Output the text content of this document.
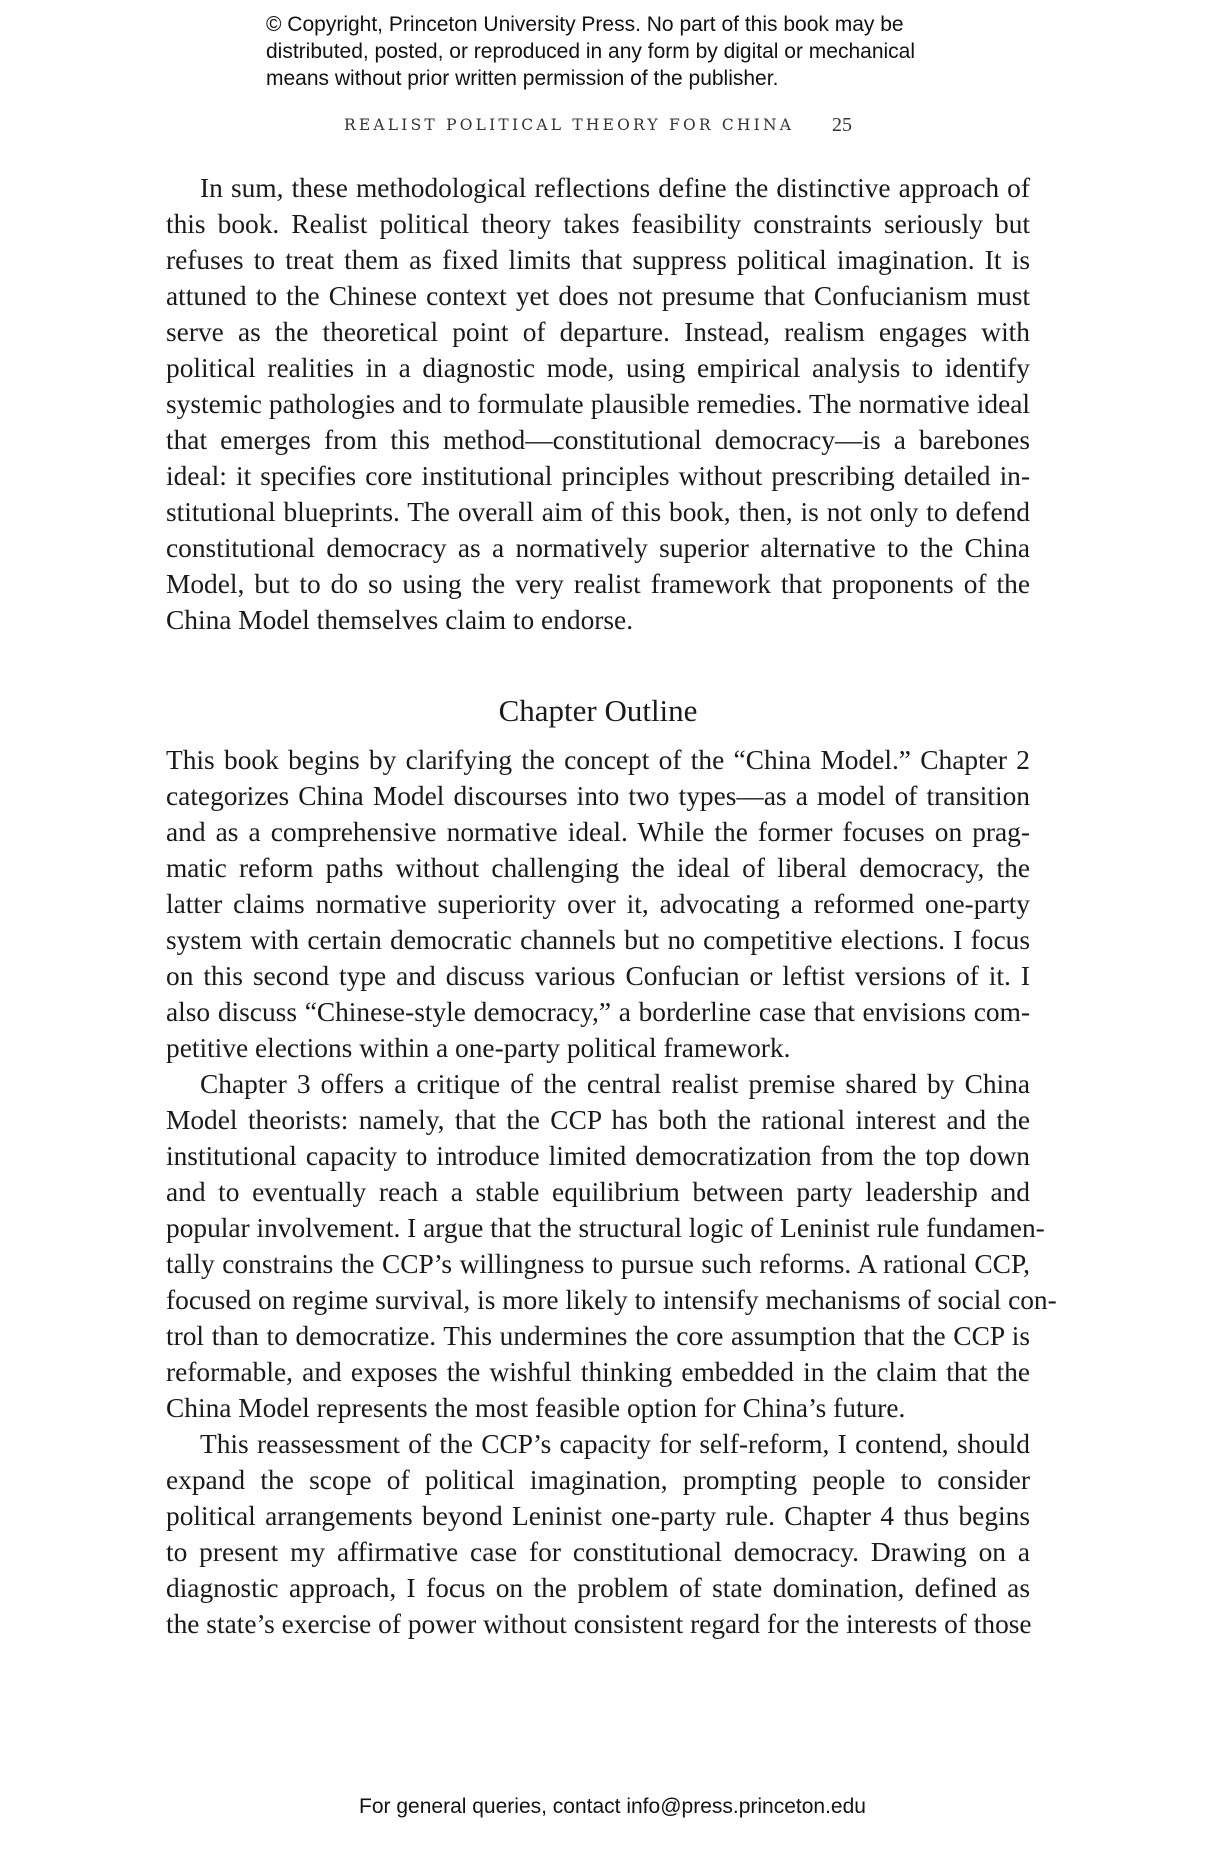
© Copyright, Princeton University Press. No part of this book may be
distributed, posted, or reproduced in any form by digital or mechanical
means without prior written permission of the publisher.
REALIST POLITICAL THEORY FOR CHINA 25

In sum, these methodological reflections define the distinctive approach of
this book. Realist political theory takes feasibility constraints seriously but
refuses to treat them as fixed limits that suppress political imagination. It is
attuned to the Chinese context yet does not presume that Confucianism must
serve as the theoretical point of departure. Instead, realism engages with
political realities in a diagnostic mode, using empirical analysis to identify
systemic pathologies and to formulate plausible remedies. The normative ideal
that emerges from this method—constitutional democracy—is a barebones
ideal: it specifies core institutional principles without prescribing detailed in-
stitutional blueprints. The overall aim of this book, then, is not only to defend
constitutional democracy as a normatively superior alternative to the China
Model, but to do so using the very realist framework that proponents of the
China Model themselves claim to endorse.

Chapter Outline

This book begins by clarifying the concept of the “China Model.” Chapter 2
categorizes China Model discourses into two types—as a model of transition
and as a comprehensive normative ideal. While the former focuses on prag-
matic reform paths without challenging the ideal of liberal democracy, the
latter claims normative superiority over it, advocating a reformed one-party
system with certain democratic channels but no competitive elections. I focus
on this second type and discuss various Confucian or leftist versions of it. I
also discuss “Chinese-style democracy,” a borderline case that envisions com-
petitive elections within a one-party political framework.

Chapter 3 offers a critique of the central realist premise shared by China
Model theorists: namely, that the CCP has both the rational interest and the
institutional capacity to introduce limited democratization from the top down
and to eventually reach a stable equilibrium between party leadership and
popular involvement. I argue that the structural logic of Leninist rule fundamen-
tally constrains the CCP’s willingness to pursue such reforms. A rational CCP,
focused on regime survival, is more likely to intensify mechanisms of social con-
trol than to democratize. This undermines the core assumption that the CCP is
reformable, and exposes the wishful thinking embedded in the claim that the
China Model represents the most feasible option for China’s future.

This reassessment of the CCP’s capacity for self-reform, I contend, should
expand the scope of political imagination, prompting people to consider
political arrangements beyond Leninist one-party rule. Chapter 4 thus begins
to present my affirmative case for constitutional democracy. Drawing on a
diagnostic approach, I focus on the problem of state domination, defined as
the state’s exercise of power without consistent regard for the interests of those

For general queries, contact info@press.princeton.edu
